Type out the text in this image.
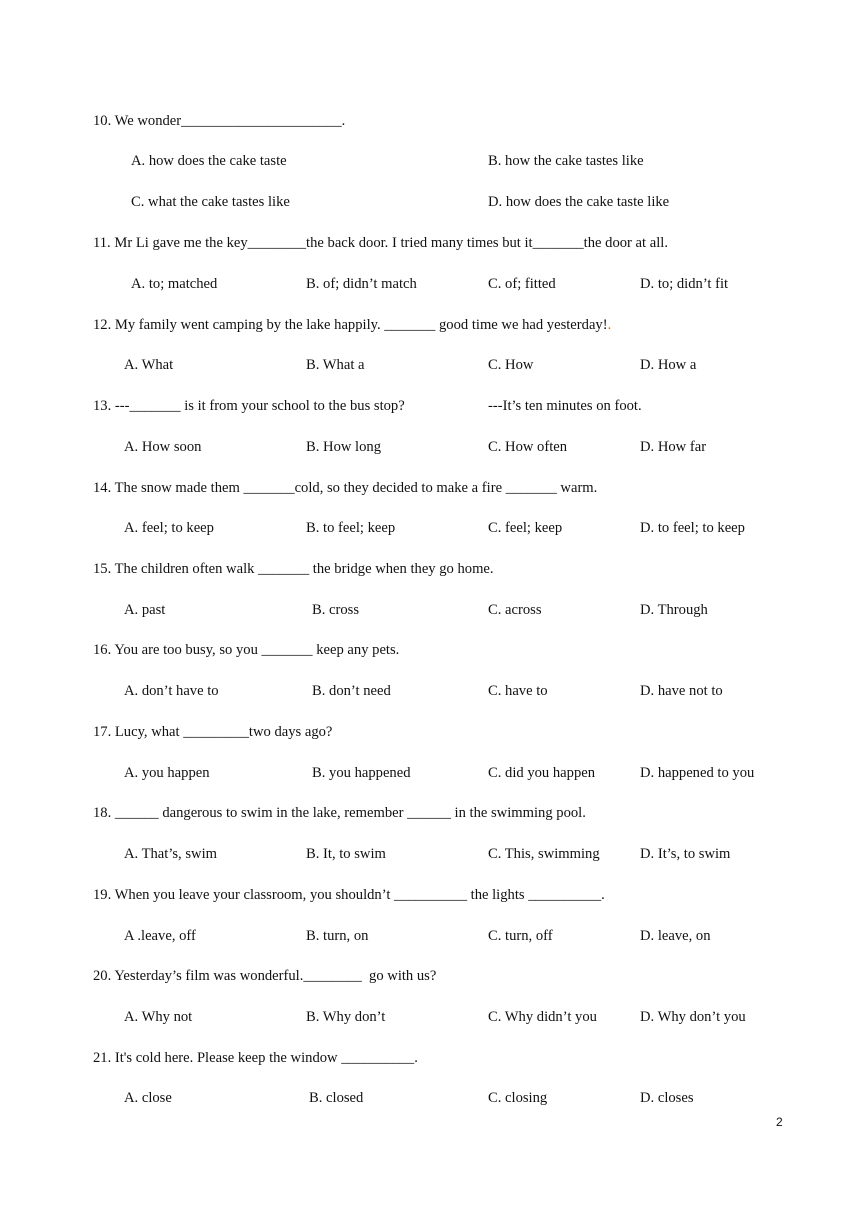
10. We wonder______________________.
A. how does the cake taste	B. how the cake tastes like
C. what the cake tastes like	D. how does the cake taste like
11. Mr Li gave me the key________the back door. I tried many times but it_______the door at all.
A. to; matched	B. of; didn’t match	C. of; fitted	D. to; didn’t fit
12. My family went camping by the lake happily. _______ good time we had yesterday!.
A. What	B. What a	C. How	D. How a
13. ---_______ is it from your school to the bus stop?	---It’s ten minutes on foot.
A. How soon	B. How long	C. How often	D. How far
14. The snow made them _______cold, so they decided to make a fire _______ warm.
A. feel; to keep	B. to feel; keep	C. feel; keep	D. to feel; to keep
15. The children often walk _______ the bridge when they go home.
A. past	B. cross	C. across	D. Through
16. You are too busy, so you _______ keep any pets.
A. don’t have to	B. don’t need	C. have to	D. have not to
17. Lucy, what _________two days ago?
A. you happen	B. you happened	C. did you happen	D. happened to you
18. ______ dangerous to swim in the lake, remember ______ in the swimming pool.
A. That’s, swim	B. It, to swim	C. This, swimming	D. It’s, to swim
19. When you leave your classroom, you shouldn’t __________ the lights __________.
A .leave, off	B. turn, on	C. turn, off	D. leave, on
20. Yesterday’s film was wonderful.________  go with us?
A. Why not	B. Why don’t	C. Why didn’t you	D. Why don’t you
21. It's cold here. Please keep the window __________.
A. close	B. closed	C. closing	D. closes
2
